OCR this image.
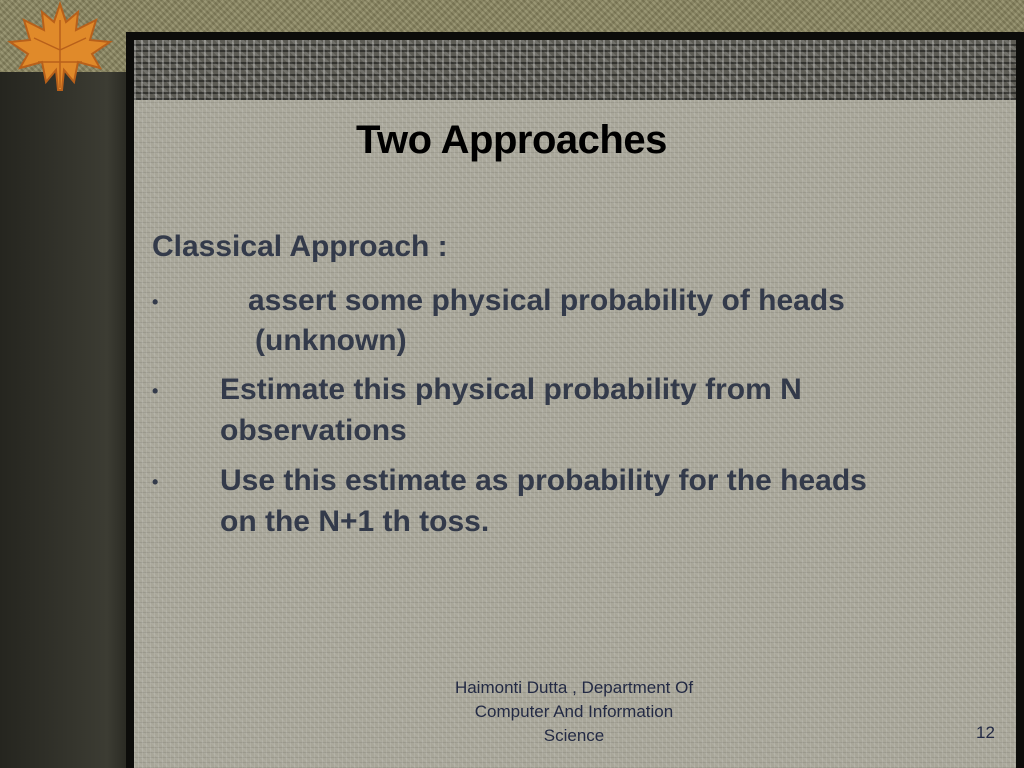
Two Approaches
Classical Approach :
•	assert some physical probability of heads
(unknown)
• Estimate this physical probability from N
observations
• Use this estimate as probability for the heads
on the N+1 th toss.
Haimonti Dutta , Department Of
Computer And Information
Science	12
